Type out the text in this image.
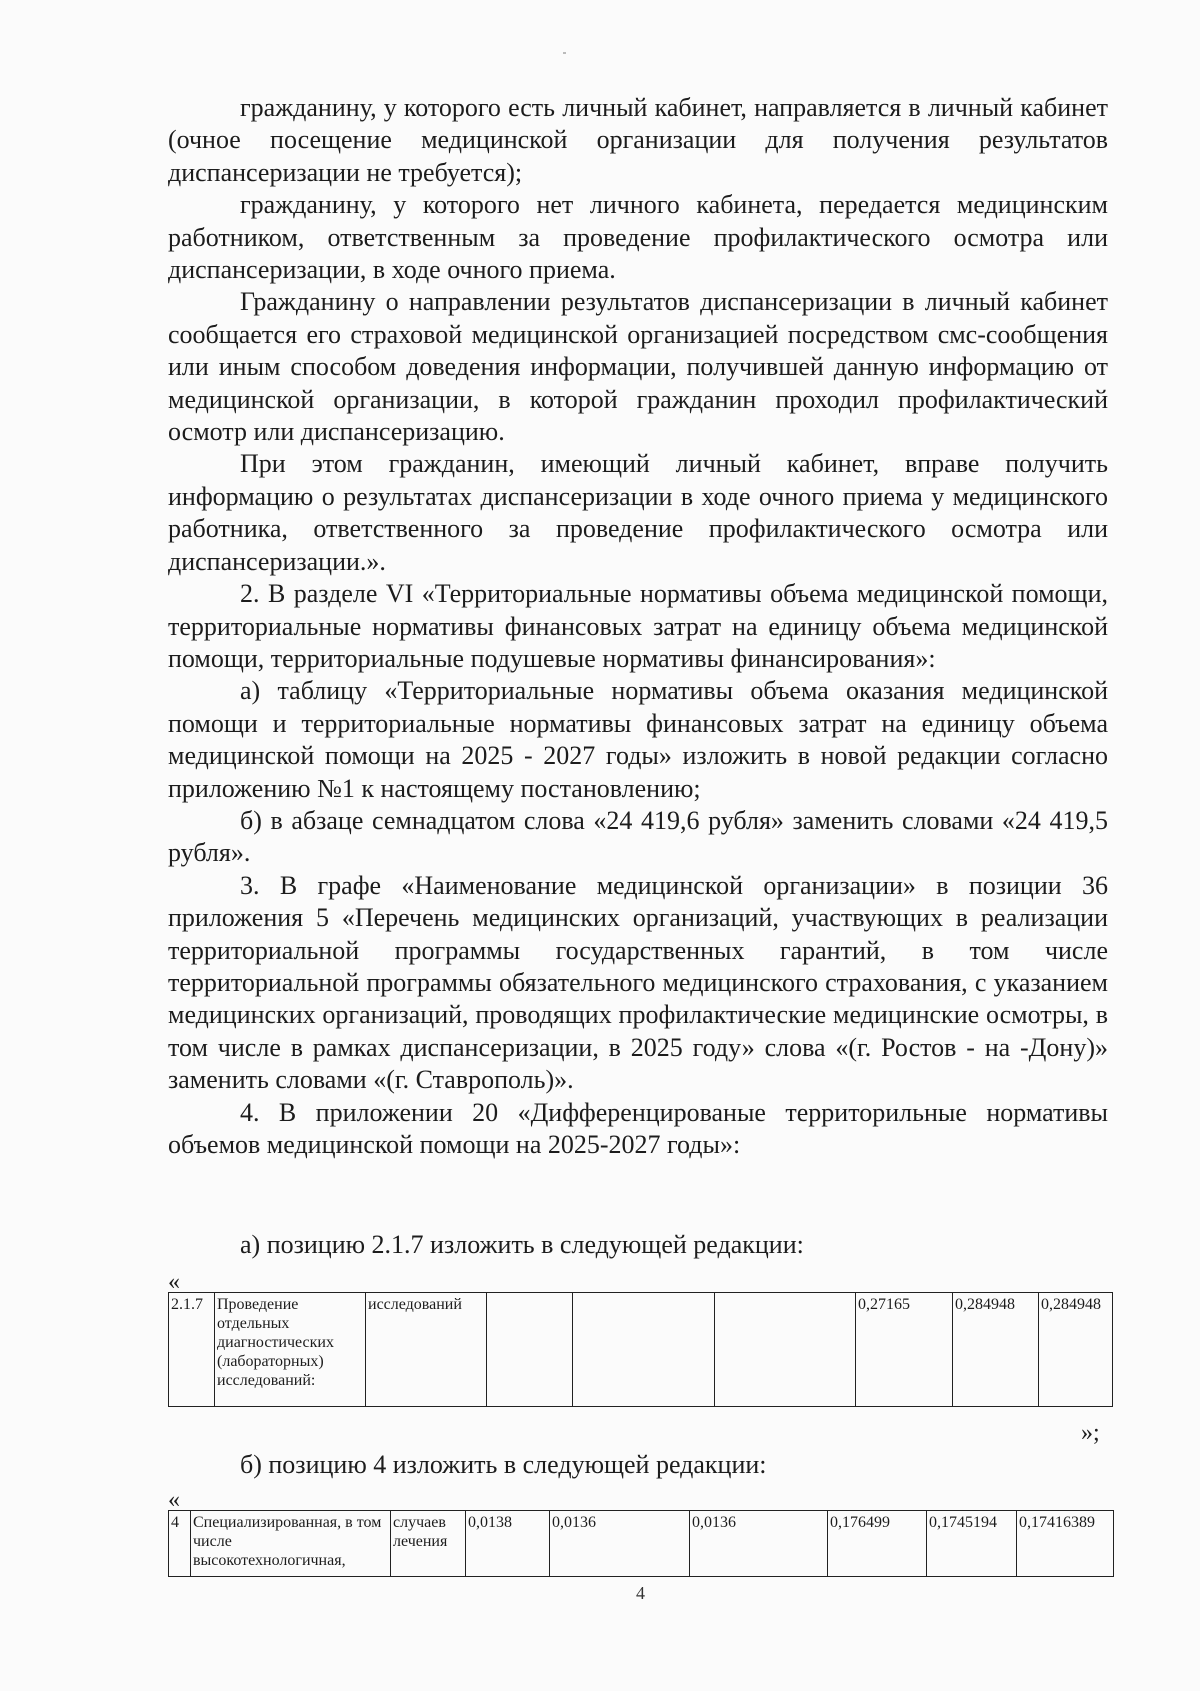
гражданину, у которого есть личный кабинет, направляется в личный кабинет (очное посещение медицинской организации для получения результатов диспансеризации не требуется);

гражданину, у которого нет личного кабинета, передается медицинским работником, ответственным за проведение профилактического осмотра или диспансеризации, в ходе очного приема.

Гражданину о направлении результатов диспансеризации в личный кабинет сообщается его страховой медицинской организацией посредством смс-сообщения или иным способом доведения информации, получившей данную информацию от медицинской организации, в которой гражданин проходил профилактический осмотр или диспансеризацию.

При этом гражданин, имеющий личный кабинет, вправе получить информацию о результатах диспансеризации в ходе очного приема у медицинского работника, ответственного за проведение профилактического осмотра или диспансеризации.».

2. В разделе VI «Территориальные нормативы объема медицинской помощи, территориальные нормативы финансовых затрат на единицу объема медицинской помощи, территориальные подушевые нормативы финансирования»:

а) таблицу «Территориальные нормативы объема оказания медицинской помощи и территориальные нормативы финансовых затрат на единицу объема медицинской помощи на 2025 - 2027 годы» изложить в новой редакции согласно приложению №1 к настоящему постановлению;

б) в абзаце семнадцатом слова «24 419,6 рубля» заменить словами «24 419,5 рубля».

3. В графе «Наименование медицинской организации» в позиции 36 приложения 5 «Перечень медицинских организаций, участвующих в реализации территориальной программы государственных гарантий, в том числе территориальной программы обязательного медицинского страхования, с указанием медицинских организаций, проводящих профилактические медицинские осмотры, в том числе в рамках диспансеризации, в 2025 году» слова «(г. Ростов - на -Дону)» заменить словами «(г. Ставрополь)».

4. В приложении 20 «Дифференцированые территорильные нормативы объемов медицинской помощи на 2025-2027 годы»:

а) позицию 2.1.7 изложить в следующей редакции:
«
2.1.7	Проведение отдельных диагностических (лабораторных) исследований:	исследований				0,27165	0,284948	0,284948
»;
б) позицию 4 изложить в следующей редакции:
«
4	Специализированная, в том числе высокотехнологичная,	случаев лечения	0,0138	0,0136	0,0136	0,176499	0,1745194	0,17416389
4
